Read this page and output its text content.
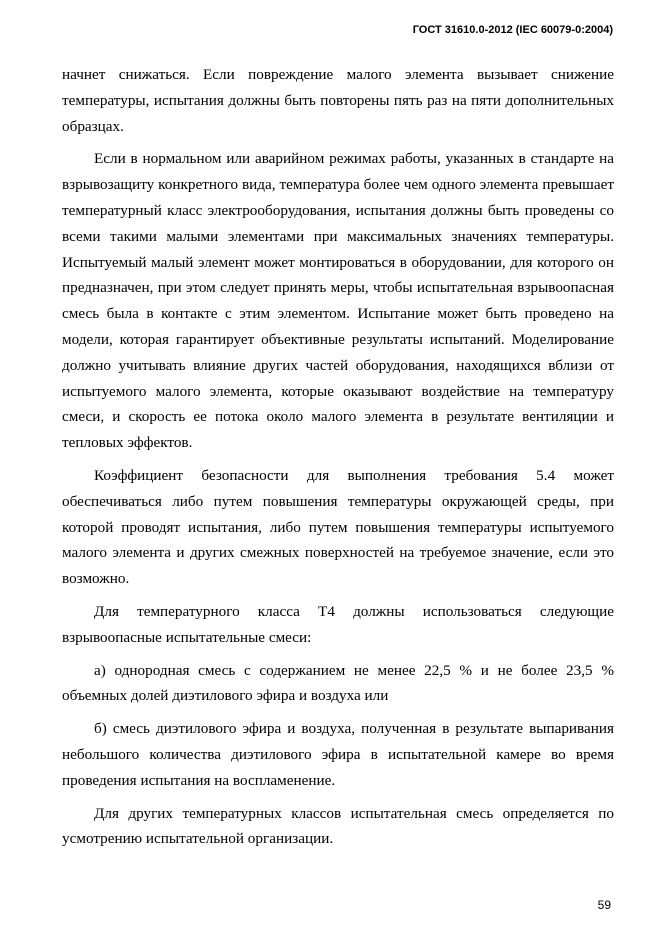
ГОСТ 31610.0-2012 (IEC 60079-0:2004)

начнет снижаться. Если повреждение малого элемента вызывает снижение температуры, испытания должны быть повторены пять раз на пяти дополнительных образцах.

Если в нормальном или аварийном режимах работы, указанных в стандарте на взрывозащиту конкретного вида, температура более чем одного элемента превышает температурный класс электрооборудования, испытания должны быть проведены со всеми такими малыми элементами при максимальных значениях температуры. Испытуемый малый элемент может монтироваться в оборудовании, для которого он предназначен, при этом следует принять меры, чтобы испытательная взрывоопасная смесь была в контакте с этим элементом. Испытание может быть проведено на модели, которая гарантирует объективные результаты испытаний. Моделирование должно учитывать влияние других частей оборудования, находящихся вблизи от испытуемого малого элемента, которые оказывают воздействие на температуру смеси, и скорость ее потока около малого элемента в результате вентиляции и тепловых эффектов.

Коэффициент безопасности для выполнения требования 5.4 может обеспечиваться либо путем повышения температуры окружающей среды, при которой проводят испытания, либо путем повышения температуры испытуемого малого элемента и других смежных поверхностей на требуемое значение, если это возможно.

Для температурного класса Т4 должны использоваться следующие взрывоопасные испытательные смеси:

а) однородная смесь с содержанием не менее 22,5 % и не более 23,5 % объемных долей диэтилового эфира и воздуха или

б) смесь диэтилового эфира и воздуха, полученная в результате выпаривания небольшого количества диэтилового эфира в испытательной камере во время проведения испытания на воспламенение.

Для других температурных классов испытательная смесь определяется по усмотрению испытательной организации.

59
